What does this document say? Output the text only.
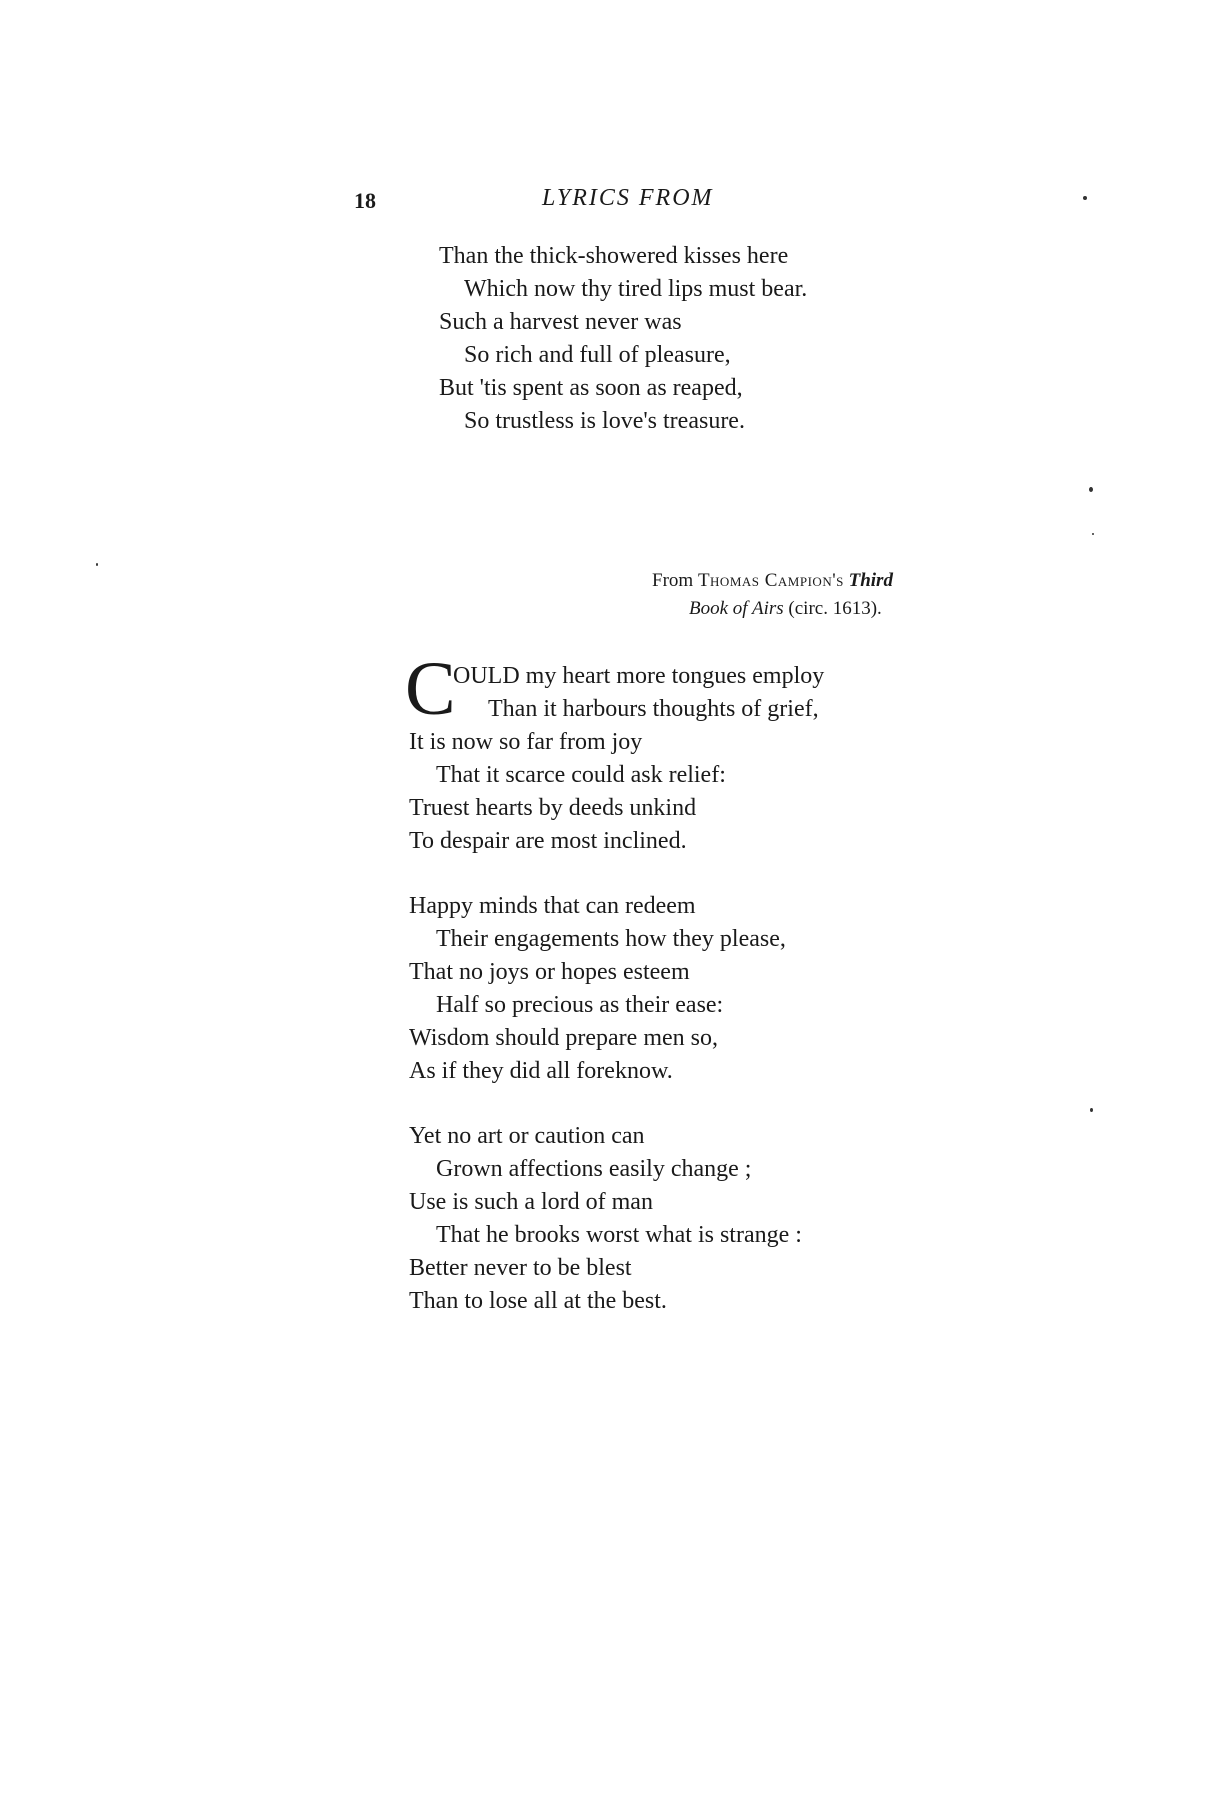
18	LYRICS FROM
Than the thick-showered kisses here
Which now thy tired lips must bear.
Such a harvest never was
So rich and full of pleasure,
But 'tis spent as soon as reaped,
So trustless is love's treasure.
From Thomas Campion's Third
Book of Airs (circ. 1613).
C
OULD my heart more tongues employ
Than it harbours thoughts of grief,
It is now so far from joy
That it scarce could ask relief:
Truest hearts by deeds unkind
To despair are most inclined.
Happy minds that can redeem
Their engagements how they please,
That no joys or hopes esteem
Half so precious as their ease:
Wisdom should prepare men so,
As if they did all foreknow.
Yet no art or caution can
Grown affections easily change ;
Use is such a lord of man
That he brooks worst what is strange :
Better never to be blest
Than to lose all at the best.
